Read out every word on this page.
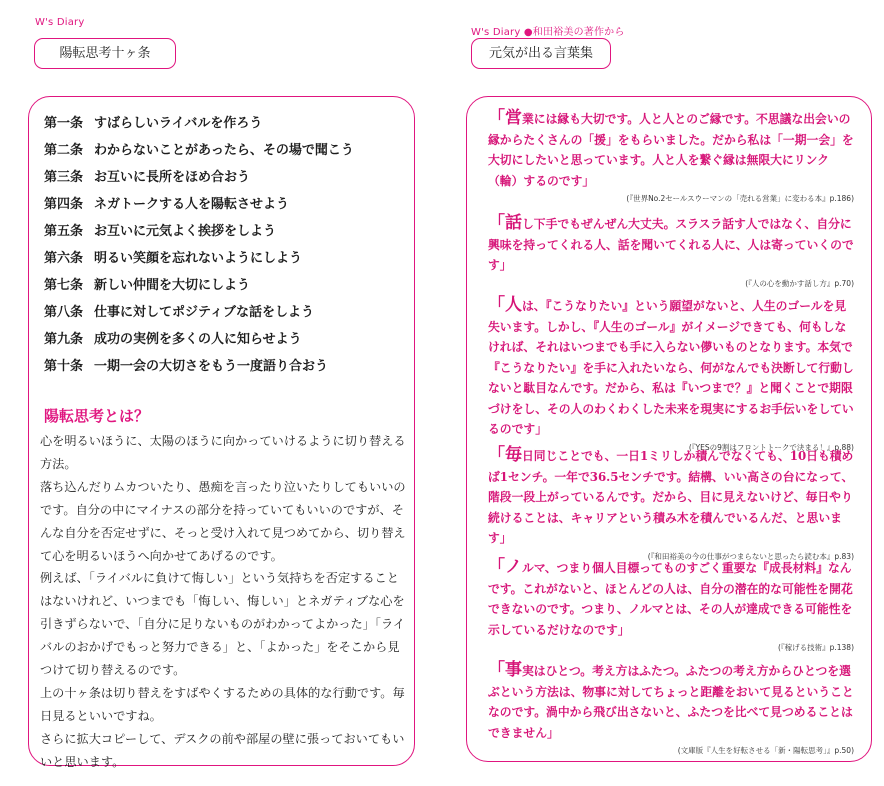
W's Diary
陽転思考十ヶ条
第一条 すばらしいライバルを作ろう
第二条 わからないことがあったら、その場で聞こう
第三条 お互いに長所をほめ合おう
第四条 ネガトークする人を陽転させよう
第五条 お互いに元気よく挨拶をしよう
第六条 明るい笑顔を忘れないようにしよう
第七条 新しい仲間を大切にしよう
第八条 仕事に対してポジティブな話をしよう
第九条 成功の実例を多くの人に知らせよう
第十条 一期一会の大切さをもう一度語り合おう
陽転思考とは？

心を明るいほうに、太陽のほうに向かっていけるように切り替える方法。

落ち込んだりムカついたり、愚痴を言ったり泣いたりしてもいいのです。自分の中にマイナスの部分を持っていてもいいのですが、そんな自分を否定せずに、そっと受け入れて見つめてから、切り替えて心を明るいほうへ向かせてあげるのです。

例えば、「ライバルに負けて悔しい」という気持ちを否定することはないけれど、いつまでも「悔しい、悔しい」とネガティブな心を引きずらないで、「自分に足りないものがわかってよかった」「ライバルのおかげでもっと努力できる」と、「よかった」をそこから見つけて切り替えるのです。

上の十ヶ条は切り替えをすばやくするための具体的な行動です。毎日見るといいですね。

さらに拡大コピーして、デスクの前や部屋の壁に張っておいてもいいと思います。

W's Diary ●和田裕美の著作から
元気が出る言葉集

「営業には縁も大切です。人と人とのご縁です。不思議な出会いの縁からたくさんの「援」をもらいました。だから私は「一期一会」を大切にしたいと思っています。人と人を繋ぐ縁は無限大にリンク（輪）するのです」

(『世界No.2セールスウーマンの「売れる営業」に変わる本』p.186)

「話し下手でもぜんぜん大丈夫。スラスラ話す人ではなく、自分に興味を持ってくれる人、話を聞いてくれる人に、人は寄っていくのです」

(『人の心を動かす話し方』p.70)

「人は、『こうなりたい』という願望がないと、人生のゴールを見失います。しかし、『人生のゴール』がイメージできても、何もしなければ、それはいつまでも手に入らない儚いものとなります。本気で『こうなりたい』を手に入れたいなら、何がなんでも決断して行動しないと駄目なんです。だから、私は『いつまで？』と聞くことで期限づけをし、その人のわくわくした未来を現実にするお手伝いをしているのです」

(『YESの9割はフロントトークで決まる！』p.88)

「毎日同じことでも、一日1ミリしか積んでなくても、10日も積めば1センチ。一年で36.5センチです。結構、いい高さの台になって、階段一段上がっているんです。だから、目に見えないけど、毎日やり続けることは、キャリアという積み木を積んでいるんだ、と思います」

(『和田裕美の今の仕事がつまらないと思ったら読む本』p.83)

「ノルマ、つまり個人目標ってものすごく重要な『成長材料』なんです。これがないと、ほとんどの人は、自分の潜在的な可能性を開花できないのです。つまり、ノルマとは、その人が達成できる可能性を示しているだけなのです」

(『稼げる技術』p.138)

「事実はひとつ。考え方はふたつ。ふたつの考え方からひとつを選ぶという方法は、物事に対してちょっと距離をおいて見るということなのです。渦中から飛び出さないと、ふたつを比べて見つめることはできません」

(文庫版『人生を好転させる「新・陽転思考」』p.50)
